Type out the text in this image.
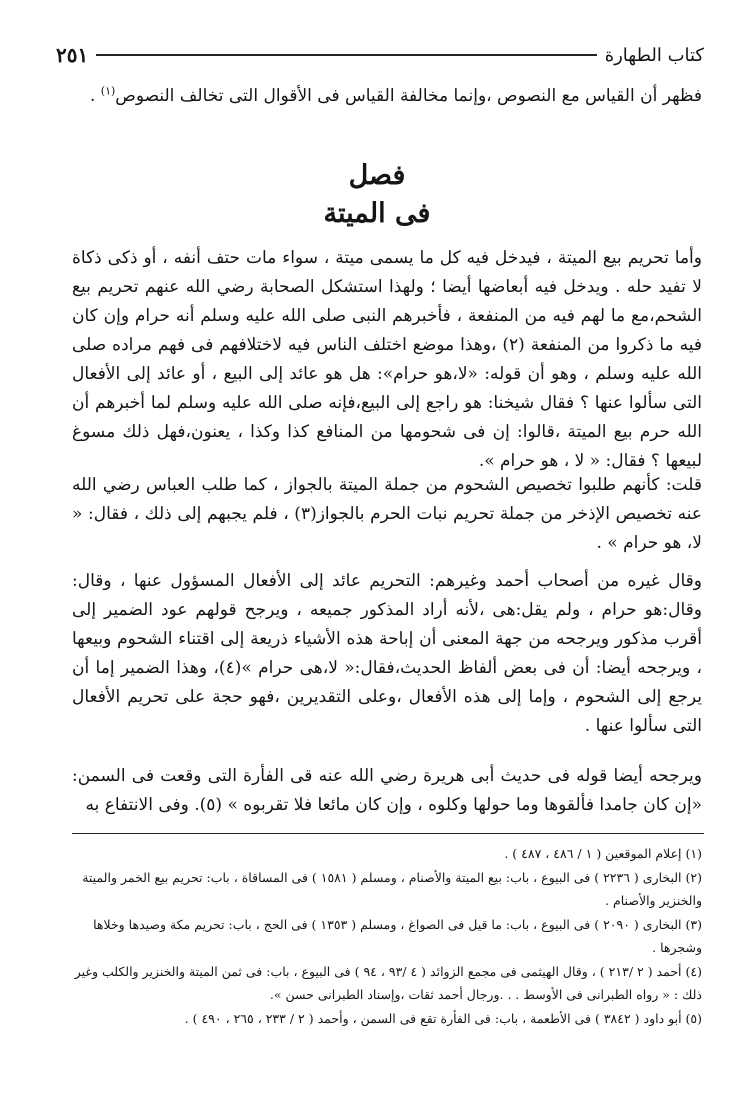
كتاب الطهارة
٢٥١

فظهر أن القياس مع النصوص ،وإنما مخالفة القياس فى الأقوال التى تخالف النصوص$^{(١)}$ .

فصل
فى الميتة

وأما تحريم بيع الميتة ، فيدخل فيه كل ما يسمى ميتة ، سواء مات حتف أنفه ، أو ذكى ذكاة لا تفيد حله . ويدخل فيه أبعاضها أيضا ؛ ولهذا استشكل الصحابة رضي الله عنهم تحريم بيع الشحم،مع ما لهم فيه من المنفعة ، فأخبرهم النبى صلى الله عليه وسلم أنه حرام وإن كان فيه ما ذكروا من المنفعة (٢) ،وهذا موضع اختلف الناس فيه لاختلافهم فى فهم مراده صلى الله عليه وسلم ، وهو أن قوله: «لا،هو حرام»: هل هو عائد إلى البيع ، أو عائد إلى الأفعال التى سألوا عنها ؟ فقال شيخنا: هو راجع إلى البيع،فإنه صلى الله عليه وسلم لما أخبرهم أن الله حرم بيع الميتة ،قالوا: إن فى شحومها من المنافع كذا وكذا ، يعنون،فهل ذلك مسوغ لبيعها ؟ فقال: « لا ، هو حرام ».

قلت: كأنهم طلبوا تخصيص الشحوم من جملة الميتة بالجواز ، كما طلب العباس رضي الله عنه تخصيص الإذخر من جملة تحريم نبات الحرم بالجواز(٣) ، فلم يجبهم إلى ذلك ، فقال: « لا، هو حرام » .

وقال غيره من أصحاب أحمد وغيرهم: التحريم عائد إلى الأفعال المسؤول عنها ، وقال: وقال:هو حرام ، ولم يقل:هى ،لأنه أراد المذكور جميعه ، ويرجح قولهم عود الضمير إلى أقرب مذكور ويرجحه من جهة المعنى أن إباحة هذه الأشياء ذريعة إلى اقتناء الشحوم وبيعها ، ويرجحه أيضا: أن فى بعض ألفاظ الحديث،فقال:« لا،هى حرام »(٤)، وهذا الضمير إما أن يرجع إلى الشحوم ، وإما إلى هذه الأفعال ،وعلى التقديرين ،فهو حجة على تحريم الأفعال التى سألوا عنها .

ويرجحه أيضا قوله فى حديث أبى هريرة رضي الله عنه قى الفأرة التى وقعت فى السمن: «إن كان جامدا فألقوها وما حولها وكلوه ، وإن كان مائعا فلا تقربوه » (٥). وفى الانتفاع به

(١) إعلام الموقعين ( ١ / ٤٨٦ ، ٤٨٧ ) .

(٢) البخارى ( ٢٢٣٦ ) فى البيوع ، باب: بيع الميتة والأصنام ، ومسلم ( ١٥٨١ ) فى المساقاة ، باب: تحريم بيع الخمر والميتة والخنزير والأصنام .

(٣) البخارى ( ٢٠٩٠ ) فى البيوع ، باب: ما قيل فى الصواغ ، ومسلم ( ١٣٥٣ ) فى الحج ، باب: تحريم مكة وصيدها وخلاها وشجرها .

(٤) أحمد ( ٢ /٢١٣ ) ، وقال الهيثمى فى مجمع الزوائد ( ٤ /٩٣ ، ٩٤ ) فى البيوع ، باب: فى ثمن الميتة والخنزير والكلب وغير ذلك : « رواه الطبرانى فى الأوسط . . .ورجال أحمد ثقات ،وإسناد الطبرانى حسن ».

(٥) أبو داود ( ٣٨٤٢ ) فى الأطعمة ، باب: فى الفأرة تقع فى السمن ، وأحمد ( ٢ / ٢٣٣ ، ٢٦٥ ، ٤٩٠ ) .
